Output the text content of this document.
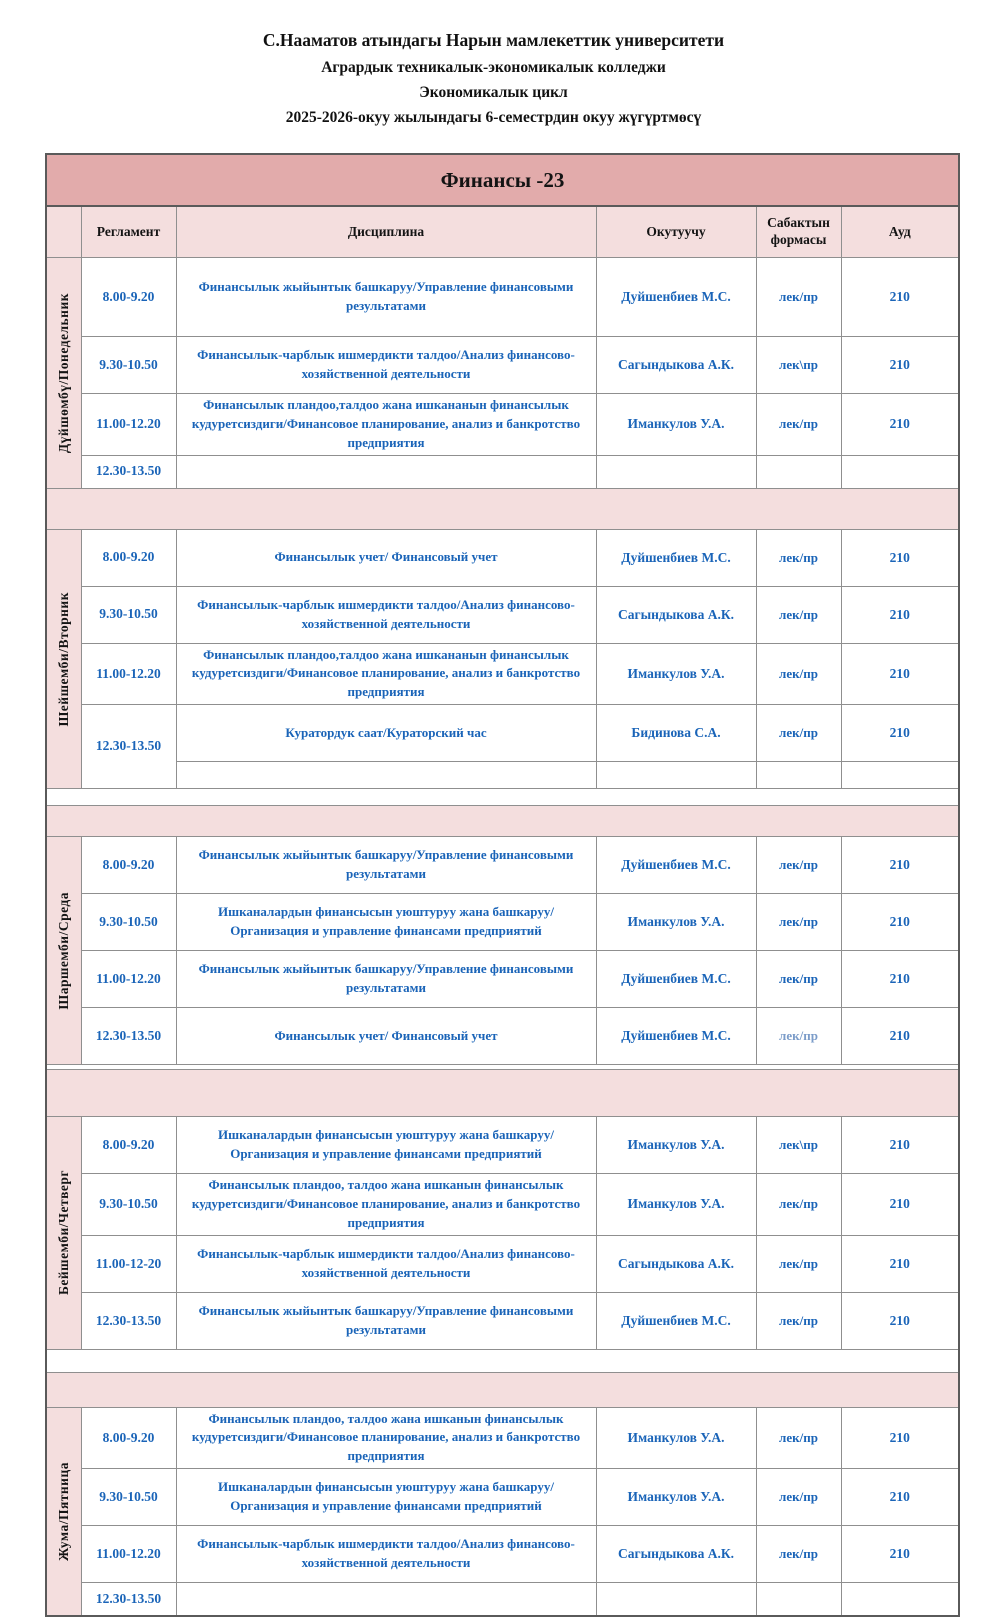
С.Нааматов атындагы Нарын мамлекеттик университети
Агрардык техникалык-экономикалык колледжи
Экономикалык цикл
2025-2026-окуу жылындагы 6-семестрдин окуу жүгүртмөсү
Финансы -23					
	Регламент	Дисциплина	Окутуучу	Сабактын формасы	Ауд

Дүйшөмбү/Понедельник	8.00-9.20	Финансылык жыйынтык башкаруу/Управление финансовыми результатами	Дуйшенбиев М.С.	лек/пр	210
	9.30-10.50	Финансылык-чарблык ишмердикти талдоо/Анализ финансово-хозяйственной деятельности	Сагындыкова А.К.	лек\пр	210
	11.00-12.20	Финансылык пландоо,талдоо жана ишкананын финансылык кудуретсиздиги/Финансовое планирование, анализ и банкротство предприятия	Иманкулов У.А.	лек/пр	210
	12.30-13.50				

Шейшемби/Вторник	8.00-9.20	Финансылык учет/ Финансовый учет	Дуйшенбиев М.С.	лек/пр	210
	9.30-10.50	Финансылык-чарблык ишмердикти талдоо/Анализ финансово-хозяйственной деятельности	Сагындыкова А.К.	лек/пр	210
	11.00-12.20	Финансылык пландоо,талдоо жана ишкананын финансылык кудуретсиздиги/Финансовое планирование, анализ и банкротство предприятия	Иманкулов У.А.	лек/пр	210
	12.30-13.50	Куратордук саат/Кураторский час	Бидинова С.А.	лек/пр	210

Шаршемби/Среда	8.00-9.20	Финансылык жыйынтык башкаруу/Управление финансовыми результатами	Дуйшенбиев М.С.	лек/пр	210
	9.30-10.50	Ишканалардын финансысын уюштуруу жана башкаруу/Организация и управление финансами предприятий	Иманкулов У.А.	лек/пр	210
	11.00-12.20	Финансылык жыйынтык башкаруу/Управление финансовыми результатами	Дуйшенбиев М.С.	лек/пр	210
	12.30-13.50	Финансылык учет/ Финансовый учет	Дуйшенбиев М.С.	лек/пр	210

Бейшемби/Четверг	8.00-9.20	Ишканалардын финансысын уюштуруу жана башкаруу/Организация и управление финансами предприятий	Иманкулов У.А.	лек\пр	210
	9.30-10.50	Финансылык пландоо, талдоо жана ишканын финансылык кудуретсиздиги/Финансовое планирование, анализ и банкротство предприятия	Иманкулов У.А.	лек/пр	210
	11.00-12-20	Финансылык-чарблык ишмердикти талдоо/Анализ финансово-хозяйственной деятельности	Сагындыкова А.К.	лек/пр	210
	12.30-13.50	Финансылык жыйынтык башкаруу/Управление финансовыми результатами	Дуйшенбиев М.С.	лек/пр	210

Жума/Пятница	8.00-9.20	Финансылык пландоо, талдоо жана ишканын финансылык кудуретсиздиги/Финансовое планирование, анализ и банкротство предприятия	Иманкулов У.А.	лек/пр	210
	9.30-10.50	Ишканалардын финансысын уюштуруу жана башкаруу/Организация и управление финансами предприятий	Иманкулов У.А.	лек/пр	210
	11.00-12.20	Финансылык-чарблык ишмердикти талдоо/Анализ финансово-хозяйственной деятельности	Сагындыкова А.К.	лек/пр	210
	12.30-13.50				
